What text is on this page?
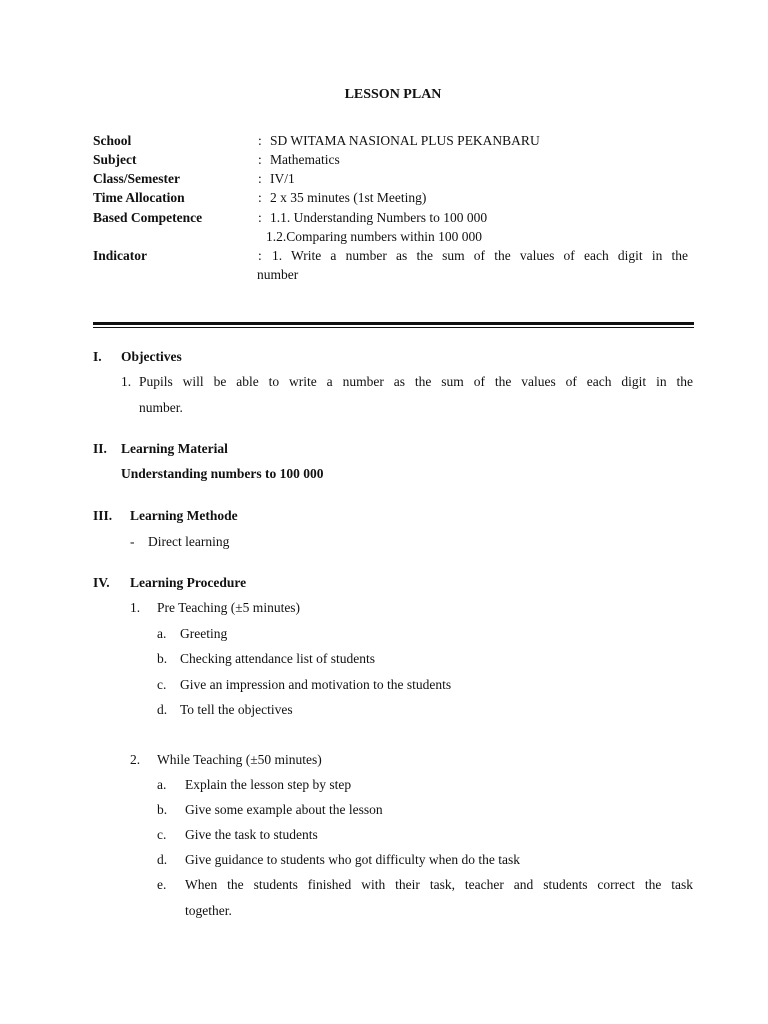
LESSON PLAN
School	: SD WITAMA NASIONAL PLUS PEKANBARU
Subject	: Mathematics
Class/Semester	: IV/1
Time Allocation	: 2 x 35 minutes (1st Meeting)
Based Competence	: 1.1. Understanding Numbers to 100 000
1.2.Comparing numbers within 100 000
Indicator	: 1. Write a number as the sum of the values of each digit in the
number
I. Objectives
1. Pupils will be able to write a number as the sum of the values of each digit in the
number.
II. Learning Material
Understanding numbers to 100 000
III. Learning Methode
- Direct learning
IV. Learning Procedure
1. Pre Teaching (±5 minutes)
a. Greeting
b. Checking attendance list of students
c. Give an impression and motivation to the students
d. To tell the objectives
2. While Teaching (±50 minutes)
a. Explain the lesson step by step
b. Give some example about the lesson
c. Give the task to students
d. Give guidance to students who got difficulty when do the task
e. When the students finished with their task, teacher and students correct the task
together.
